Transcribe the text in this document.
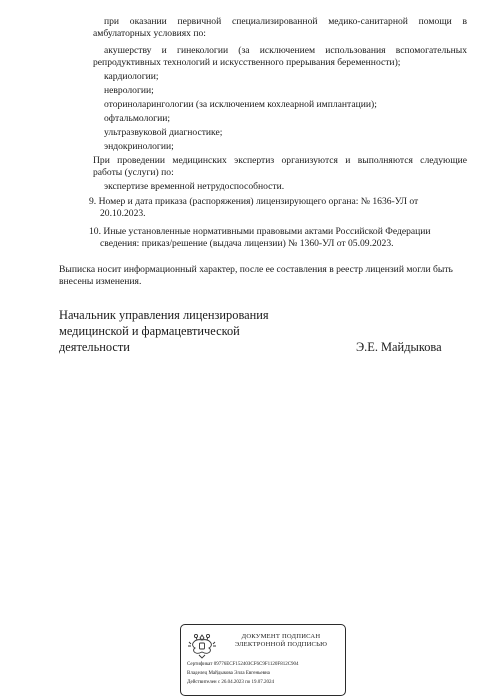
при оказании первичной специализированной медико-санитарной помощи в
амбулаторных условиях по:
акушерству и гинекологии (за исключением использования вспомогательных
репродуктивных технологий и искусственного прерывания беременности);
кардиологии;
неврологии;
оториноларингологии (за исключением кохлеарной имплантации);
офтальмологии;
ультразвуковой диагностике;
эндокринологии;
При проведении медицинских экспертиз организуются и выполняются следующие
работы (услуги) по:
экспертизе временной нетрудоспособности.
9. Номер и дата приказа (распоряжения) лицензирующего органа: № 1636-УЛ от
20.10.2023.
10. Иные установленные нормативными правовыми актами Российской Федерации
сведения: приказ/решение (выдача лицензии) № 1360-УЛ от 05.09.2023.
Выписка носит информационный характер, после ее составления в реестр лицензий могли быть
внесены изменения.
Начальник управления лицензирования
медицинской и фармацевтической
деятельности	Э.Е. Майдыкова
ДОКУМЕНТ ПОДПИСАН
ЭЛЕКТРОННОЙ ПОДПИСЬЮ
Сертификат 09776ECF15240ЗCF6C9F1120F812C904
Владелец Майдыкова Элла Евгеньевна
Действителен с 26.04.2023 по 19.07.2024
